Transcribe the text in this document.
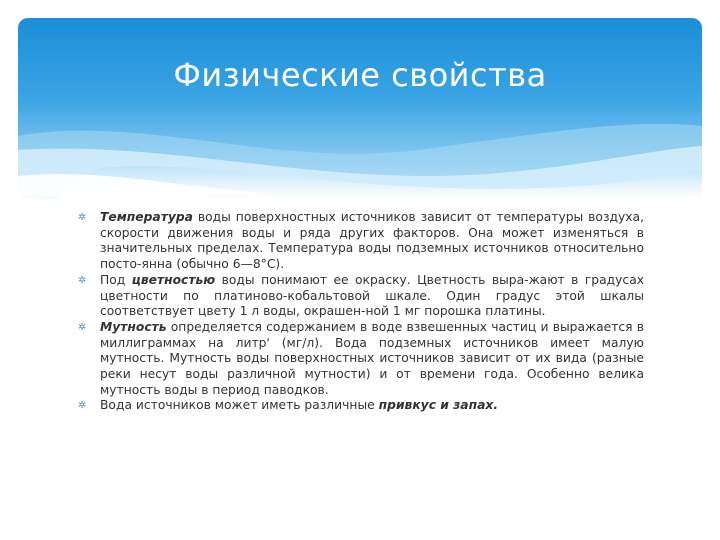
Физические свойства
✲ Температура воды поверхностных источников зависит от температуры воздуха, скорости движения воды и ряда других факторов. Она может изменяться в значительных пределах. Температура воды подземных источников относительно посто-янна (обычно 6—8°С).
✲ Под цветностью воды понимают ее окраску. Цветность выра-жают в градусах цветности по платиново-кобальтовой шкале. Один градус этой шкалы соответствует цвету 1 л воды, окрашен-ной 1 мг порошка платины.
✲ Мутность определяется содержанием в воде взвешенных частиц и выражается в миллиграммах на литр' (мг/л). Вода подземных источников имеет малую мутность. Мутность воды поверхностных источников зависит от их вида (разные реки несут воды различной мутности) и от времени года. Особенно велика мутность воды в период паводков.
✲ Вода источников может иметь различные привкус и запах.
